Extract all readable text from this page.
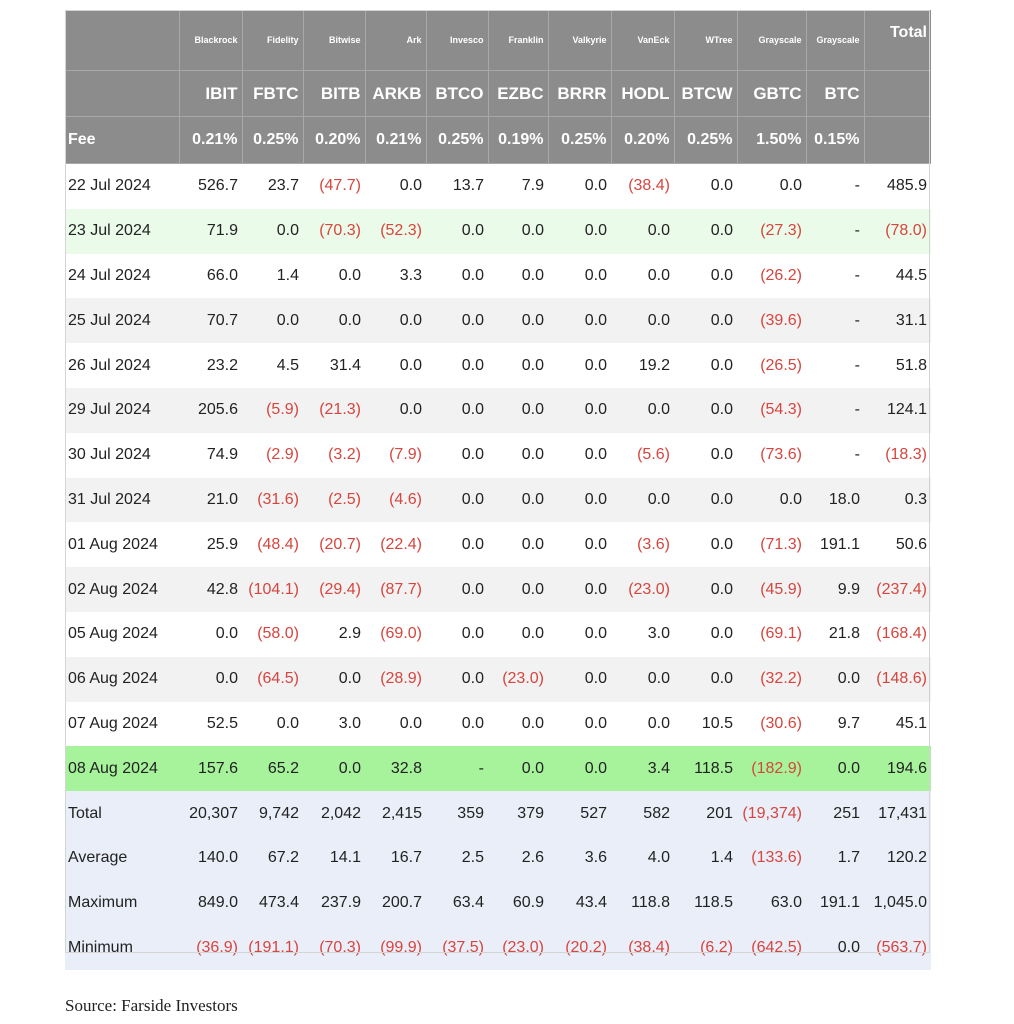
	Blackrock	Fidelity	Bitwise	Ark	Invesco	Franklin	Valkyrie	VanEck	WTree	Grayscale	Grayscale	Total
	IBIT	FBTC	BITB	ARKB	BTCO	EZBC	BRRR	HODL	BTCW	GBTC	BTC	
Fee	0.21%	0.25%	0.20%	0.21%	0.25%	0.19%	0.25%	0.20%	0.25%	1.50%	0.15%	
22 Jul 2024	526.7	23.7	(47.7)	0.0	13.7	7.9	0.0	(38.4)	0.0	0.0	-	485.9
23 Jul 2024	71.9	0.0	(70.3)	(52.3)	0.0	0.0	0.0	0.0	0.0	(27.3)	-	(78.0)
24 Jul 2024	66.0	1.4	0.0	3.3	0.0	0.0	0.0	0.0	0.0	(26.2)	-	44.5
25 Jul 2024	70.7	0.0	0.0	0.0	0.0	0.0	0.0	0.0	0.0	(39.6)	-	31.1
26 Jul 2024	23.2	4.5	31.4	0.0	0.0	0.0	0.0	19.2	0.0	(26.5)	-	51.8
29 Jul 2024	205.6	(5.9)	(21.3)	0.0	0.0	0.0	0.0	0.0	0.0	(54.3)	-	124.1
30 Jul 2024	74.9	(2.9)	(3.2)	(7.9)	0.0	0.0	0.0	(5.6)	0.0	(73.6)	-	(18.3)
31 Jul 2024	21.0	(31.6)	(2.5)	(4.6)	0.0	0.0	0.0	0.0	0.0	0.0	18.0	0.3
01 Aug 2024	25.9	(48.4)	(20.7)	(22.4)	0.0	0.0	0.0	(3.6)	0.0	(71.3)	191.1	50.6
02 Aug 2024	42.8	(104.1)	(29.4)	(87.7)	0.0	0.0	0.0	(23.0)	0.0	(45.9)	9.9	(237.4)
05 Aug 2024	0.0	(58.0)	2.9	(69.0)	0.0	0.0	0.0	3.0	0.0	(69.1)	21.8	(168.4)
06 Aug 2024	0.0	(64.5)	0.0	(28.9)	0.0	(23.0)	0.0	0.0	0.0	(32.2)	0.0	(148.6)
07 Aug 2024	52.5	0.0	3.0	0.0	0.0	0.0	0.0	0.0	10.5	(30.6)	9.7	45.1
08 Aug 2024	157.6	65.2	0.0	32.8	-	0.0	0.0	3.4	118.5	(182.9)	0.0	194.6
Total	20,307	9,742	2,042	2,415	359	379	527	582	201	(19,374)	251	17,431
Average	140.0	67.2	14.1	16.7	2.5	2.6	3.6	4.0	1.4	(133.6)	1.7	120.2
Maximum	849.0	473.4	237.9	200.7	63.4	60.9	43.4	118.8	118.5	63.0	191.1	1,045.0
Minimum	(36.9)	(191.1)	(70.3)	(99.9)	(37.5)	(23.0)	(20.2)	(38.4)	(6.2)	(642.5)	0.0	(563.7)
Source: Farside Investors
